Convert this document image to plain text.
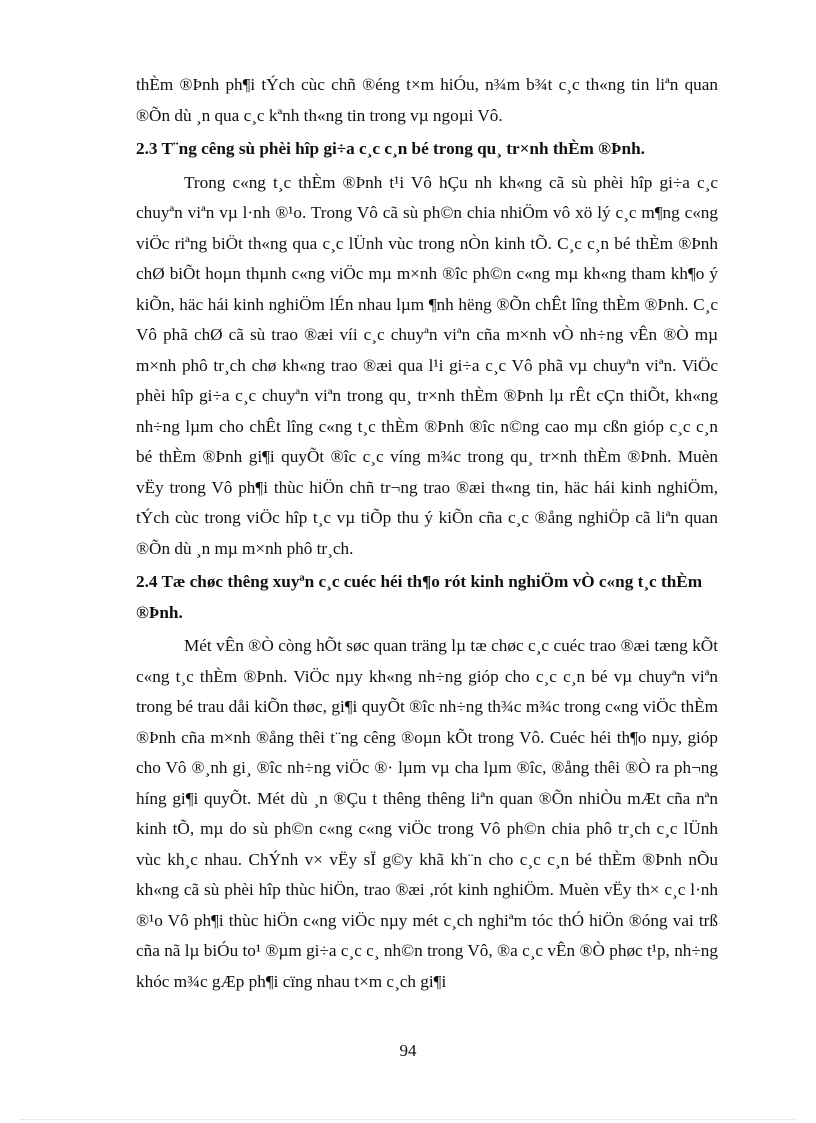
thÈm ®Þnh ph¶i tÝch cùc chñ ®éng t×m hiÓu, n¾m b¾t c¸c th«ng tin liªn quan ®Õn dù ¸n qua c¸c kªnh th«ng tin trong vµ ngoµi Vô.

2.3 T¨ng cêng sù phèi hîp gi÷a c¸c c¸n bé trong qu¸ tr×nh thÈm ®Þnh.

Trong c«ng t¸c thÈm ®Þnh t¹i Vô hÇu nh kh«ng cã sù phèi hîp gi÷a c¸c chuyªn viªn vµ l·nh ®¹o. Trong Vô cã sù ph©n chia nhiÖm vô xö lý c¸c m¶ng c«ng viÖc riªng biÖt th«ng qua c¸c lÜnh vùc trong nÒn kinh tÕ. C¸c c¸n bé thÈm ®Þnh chØ biÕt hoµn thµnh c«ng viÖc mµ m×nh ®îc ph©n c«ng mµ kh«ng tham kh¶o ý kiÕn, häc hái kinh nghiÖm lÉn nhau lµm ¶nh hëng ®Õn chÊt lîng thÈm ®Þnh. C¸c Vô phã chØ cã sù trao ®æi víi c¸c chuyªn viªn cña m×nh vÒ nh÷ng vÊn ®Ò mµ m×nh phô tr¸ch chø kh«ng trao ®æi qua l¹i gi÷a c¸c Vô phã vµ chuyªn viªn. ViÖc phèi hîp gi÷a c¸c chuyªn viªn trong qu¸ tr×nh thÈm ®Þnh lµ rÊt cÇn thiÕt, kh«ng nh÷ng lµm cho chÊt lîng c«ng t¸c thÈm ®Þnh ®îc n©ng cao mµ cßn gióp c¸c c¸n bé thÈm ®Þnh gi¶i quyÕt ®îc c¸c víng m¾c trong qu¸ tr×nh thÈm ®Þnh. Muèn vËy trong Vô ph¶i thùc hiÖn chñ tr¬ng trao ®æi th«ng tin, häc hái kinh nghiÖm, tÝch cùc trong viÖc hîp t¸c vµ tiÕp thu ý kiÕn cña c¸c ®ång nghiÖp cã liªn quan ®Õn dù ¸n mµ m×nh phô tr¸ch.

2.4 Tæ chøc thêng xuyªn c¸c cuéc héi th¶o rót kinh nghiÖm vÒ c«ng t¸c thÈm ®Þnh.

Mét vÊn ®Ò còng hÕt søc quan träng lµ tæ chøc c¸c cuéc trao ®æi tæng kÕt c«ng t¸c thÈm ®Þnh. ViÖc nµy kh«ng nh÷ng gióp cho c¸c c¸n bé vµ chuyªn viªn trong bé trau dåi kiÕn thøc, gi¶i quyÕt ®îc nh÷ng th¾c m¾c trong c«ng viÖc thÈm ®Þnh cña m×nh ®ång thêi t¨ng cêng ®oµn kÕt trong Vô. Cuéc héi th¶o nµy, gióp cho Vô ®¸nh gi¸ ®îc nh÷ng viÖc ®· lµm vµ cha lµm ®îc, ®ång thêi ®Ò ra ph¬ng híng gi¶i quyÕt. Mét dù ¸n ®Çu t thêng thêng liªn quan ®Õn nhiÒu mÆt cña nªn kinh tÕ, mµ do sù ph©n c«ng c«ng viÖc trong Vô ph©n chia phô tr¸ch c¸c lÜnh vùc kh¸c nhau. ChÝnh v× vËy sÏ g©y khã kh¨n cho c¸c c¸n bé thÈm ®Þnh nÕu kh«ng cã sù phèi hîp thùc hiÖn, trao ®æi ,rót kinh nghiÖm. Muèn vËy th× c¸c l·nh ®¹o Vô ph¶i thùc hiÖn c«ng viÖc nµy mét c¸ch nghiªm tóc thÓ hiÖn ®óng vai trß cña nã lµ biÓu to¹ ®µm gi÷a c¸c c¸ nh©n trong Vô, ®a c¸c vÊn ®Ò phøc t¹p, nh÷ng khóc m¾c gÆp ph¶i cïng nhau t×m c¸ch gi¶i

94
